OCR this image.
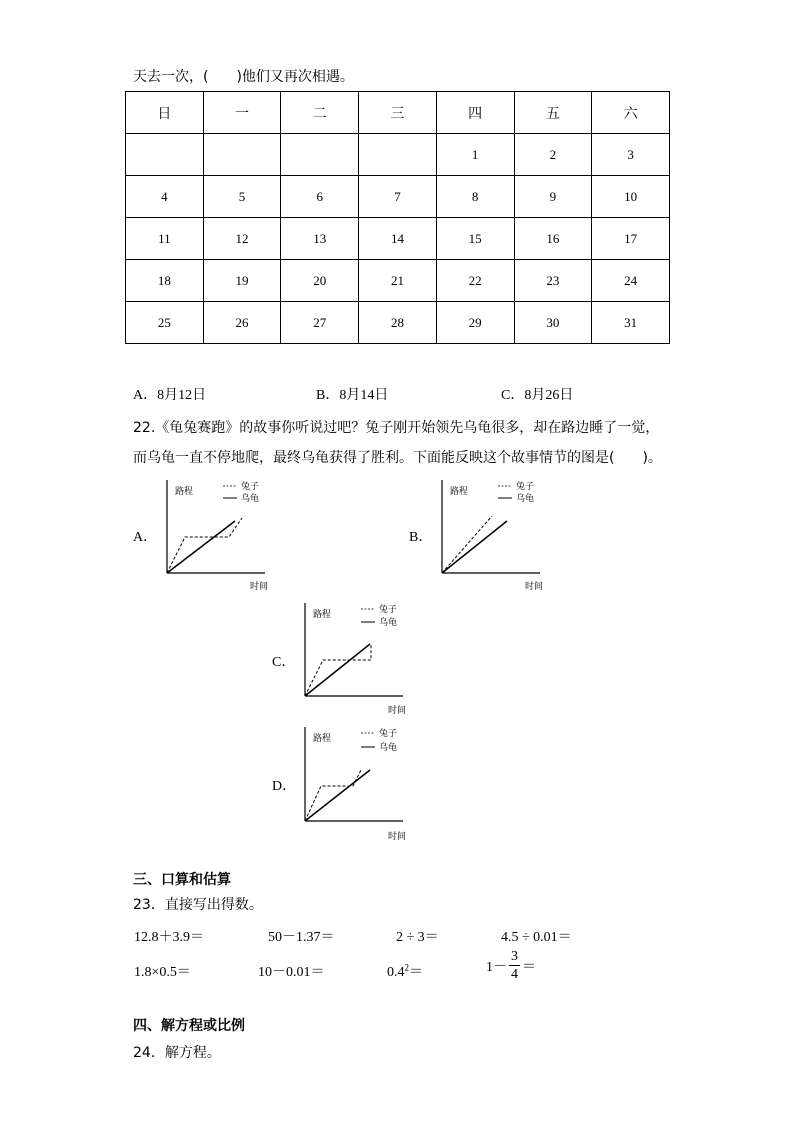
天去一次，(　　)他们又再次相遇。
日	一	二	三	四	五	六
				1	2	3
4	5	6	7	8	9	10
11	12	13	14	15	16	17
18	19	20	21	22	23	24
25	26	27	28	29	30	31
A．8月12日	B．8月14日	C．8月26日
22.《龟兔赛跑》的故事你听说过吧？兔子刚开始领先乌龟很多，却在路边睡了一觉，
而乌龟一直不停地爬，最终乌龟获得了胜利。下面能反映这个故事情节的图是(　　)。
A．	B．
C．
D．
路程	兔子
乌龟
时间
路程	兔子
乌龟
时间
路程	兔子
乌龟
时间
路程	兔子
乌龟
时间
三、口算和估算
23．直接写出得数。
12.8＋3.9＝	50－1.37＝	2 ÷ 3＝	4.5 ÷ 0.01＝
1.8×0.5＝	10－0.01＝	$0.4^2=$	$1- \frac{3}{4}$ ＝
四、解方程或比例
24．解方程。
